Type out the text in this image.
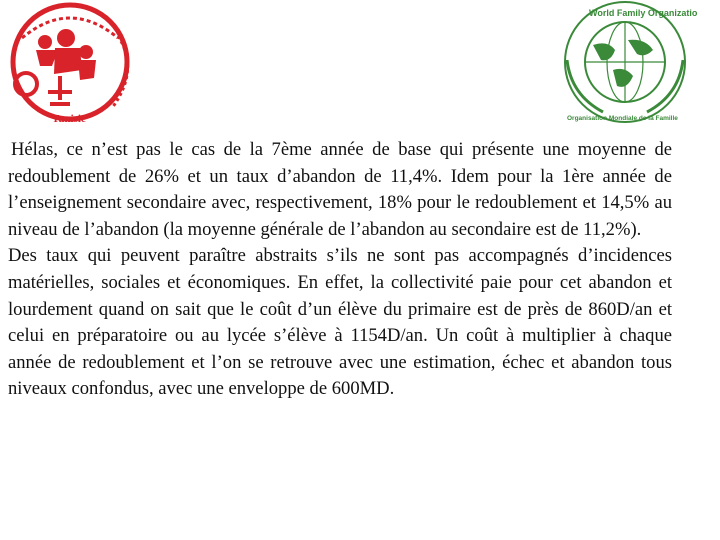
Tunisie
World Family Organization
Organisation Mondiale de la Famille

Hélas, ce n’est pas le cas de la 7ème année de base qui présente une moyenne de redoublement de 26% et un taux d’abandon de 11,4%. Idem pour la 1ère année de l’enseignement secondaire avec, respectivement, 18% pour le redoublement et 14,5% au niveau de l’abandon (la moyenne générale de l’abandon au secondaire est de 11,2%).

Des taux qui peuvent paraître abstraits s’ils ne sont pas accompagnés d’incidences matérielles, sociales et économiques. En effet, la collectivité paie pour cet abandon et lourdement quand on sait que le coût d’un élève du primaire est de près de 860D/an et celui en préparatoire ou au lycée s’élève à 1154D/an. Un coût à multiplier à chaque année de redoublement et l’on se retrouve avec une estimation, échec et abandon tous niveaux confondus, avec une enveloppe de 600MD.
